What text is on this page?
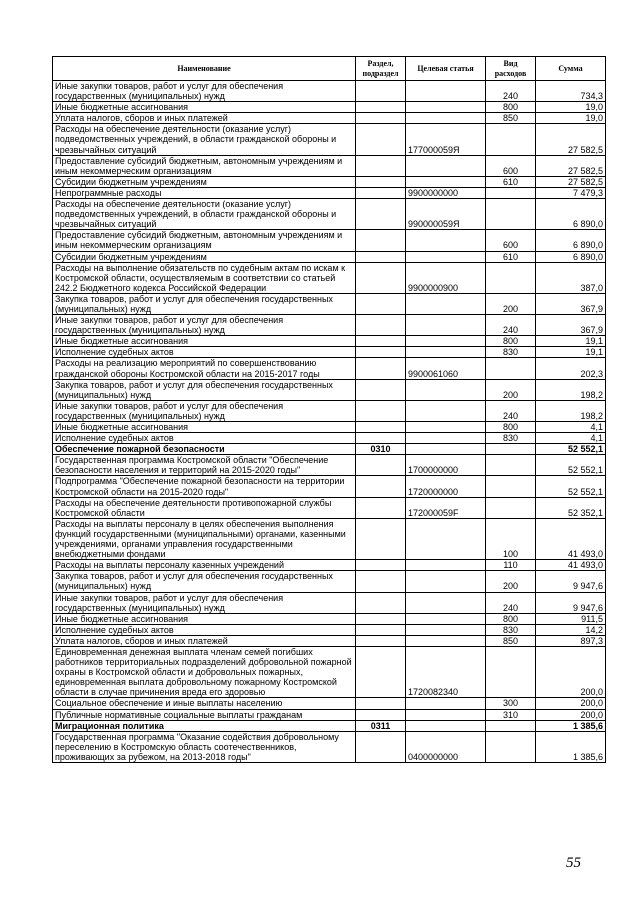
Наименование	Раздел, подраздел	Целевая статья	Вид расходов	Сумма
Иные закупки товаров, работ и услуг для обеспечения государственных (муниципальных) нужд			240	734,3
Иные бюджетные ассигнования			800	19,0
Уплата налогов, сборов и иных платежей			850	19,0
Расходы на обеспечение деятельности (оказание услуг) подведомственных учреждений, в области гражданской обороны и чрезвычайных ситуаций		177000059Я		27 582,5
Предоставление субсидий бюджетным, автономным учреждениям и иным некоммерческим организациям			600	27 582,5
Субсидии бюджетным учреждениям			610	27 582,5
Непрограммные расходы		9900000000		7 479,3
Расходы на обеспечение деятельности (оказание услуг) подведомственных учреждений, в области гражданской обороны и чрезвычайных ситуаций		990000059Я		6 890,0
Предоставление субсидий бюджетным, автономным учреждениям и иным некоммерческим организациям			600	6 890,0
Субсидии бюджетным учреждениям			610	6 890,0
Расходы на выполнение обязательств по судебным актам по искам к Костромской области, осуществляемым в соответствии со статьей 242.2 Бюджетного кодекса Российской Федерации		9900000900		387,0
Закупка товаров, работ и услуг для обеспечения государственных (муниципальных) нужд			200	367,9
Иные закупки товаров, работ и услуг для обеспечения государственных (муниципальных) нужд			240	367,9
Иные бюджетные ассигнования			800	19,1
Исполнение судебных актов			830	19,1
Расходы на реализацию мероприятий по совершенствованию гражданской обороны Костромской области на 2015-2017 годы		9900061060		202,3
Закупка товаров, работ и услуг для обеспечения государственных (муниципальных) нужд			200	198,2
Иные закупки товаров, работ и услуг для обеспечения государственных (муниципальных) нужд			240	198,2
Иные бюджетные ассигнования			800	4,1
Исполнение судебных актов			830	4,1
Обеспечение пожарной безопасности	0310			52 552,1
Государственная программа Костромской области "Обеспечение безопасности населения и территорий на 2015-2020 годы"		1700000000		52 552,1
Подпрограмма "Обеспечение пожарной безопасности на территории Костромской области на 2015-2020 годы"		1720000000		52 552,1
Расходы на обеспечение деятельности противопожарной службы Костромской области		172000059F		52 352,1
Расходы на выплаты персоналу в целях обеспечения выполнения функций государственными (муниципальными) органами, казенными учреждениями, органами управления государственными внебюджетными фондами			100	41 493,0
Расходы на выплаты персоналу казенных учреждений			110	41 493,0
Закупка товаров, работ и услуг для обеспечения государственных (муниципальных) нужд			200	9 947,6
Иные закупки товаров, работ и услуг для обеспечения государственных (муниципальных) нужд			240	9 947,6
Иные бюджетные ассигнования			800	911,5
Исполнение судебных актов			830	14,2
Уплата налогов, сборов и иных платежей			850	897,3
Единовременная денежная выплата членам семей погибших работников территориальных подразделений добровольной пожарной охраны в Костромской области и добровольных пожарных, единовременная выплата добровольному пожарному Костромской области в случае причинения вреда его здоровью		1720082340		200,0
Социальное обеспечение и иные выплаты населению			300	200,0
Публичные нормативные социальные выплаты гражданам			310	200,0
Миграционная политика	0311			1 385,6
Государственная программа "Оказание содействия добровольному переселению в Костромскую область соотечественников, проживающих за рубежом, на 2013-2018 годы"		0400000000		1 385,6
55
